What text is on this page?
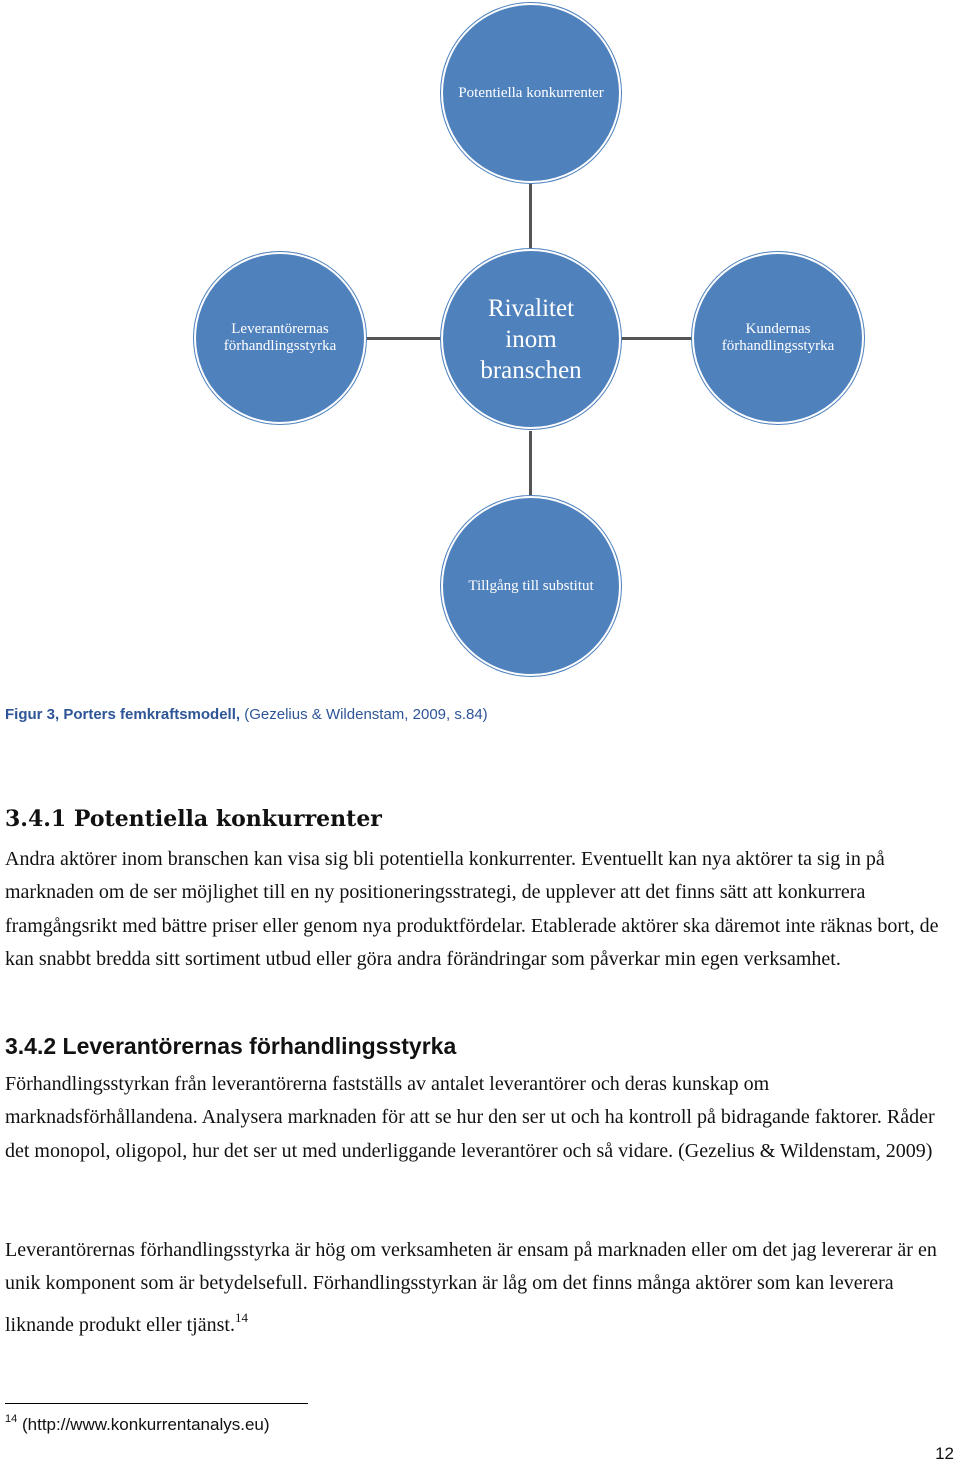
Potentiella konkurrenter
Leverantörernas förhandlingsstyrka
Rivalitet inom branschen
Kundernas förhandlingsstyrka
Tillgång till substitut
Figur 3, Porters femkraftsmodell, (Gezelius & Wildenstam, 2009, s.84)
3.4.1 Potentiella konkurrenter

Andra aktörer inom branschen kan visa sig bli potentiella konkurrenter. Eventuellt kan nya aktörer ta sig in på marknaden om de ser möjlighet till en ny positioneringsstrategi, de upplever att det finns sätt att konkurrera framgångsrikt med bättre priser eller genom nya produktfördelar. Etablerade aktörer ska däremot inte räknas bort, de kan snabbt bredda sitt sortiment utbud eller göra andra förändringar som påverkar min egen verksamhet.

3.4.2 Leverantörernas förhandlingsstyrka

Förhandlingsstyrkan från leverantörerna fastställs av antalet leverantörer och deras kunskap om marknadsförhållandena. Analysera marknaden för att se hur den ser ut och ha kontroll på bidragande faktorer. Råder det monopol, oligopol, hur det ser ut med underliggande leverantörer och så vidare. (Gezelius & Wildenstam, 2009)

Leverantörernas förhandlingsstyrka är hög om verksamheten är ensam på marknaden eller om det jag levererar är en unik komponent som är betydelsefull. Förhandlingsstyrkan är låg om det finns många aktörer som kan leverera liknande produkt eller tjänst.$^{14}$

$^{14}$ (http://www.konkurrentanalys.eu)
12
